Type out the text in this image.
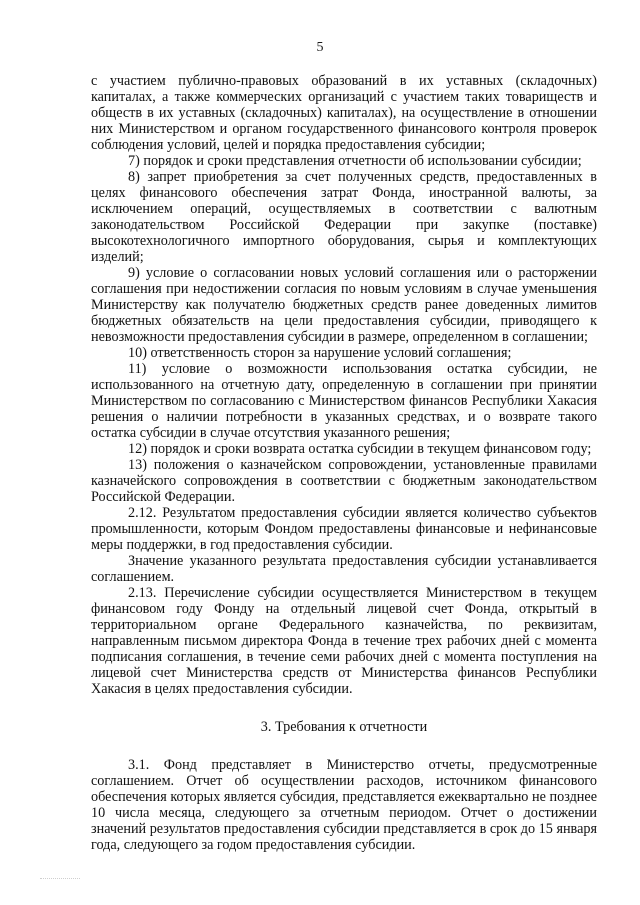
5

с участием публично-правовых образований в их уставных (складочных) капиталах, а также коммерческих организаций с участием таких товариществ и обществ в их уставных (складочных) капиталах), на осуществление в отношении них Министерством и органом государственного финансового контроля проверок соблюдения условий, целей и порядка предоставления субсидии;

7) порядок и сроки представления отчетности об использовании субсидии;

8) запрет приобретения за счет полученных средств, предоставленных в целях финансового обеспечения затрат Фонда, иностранной валюты, за исключением операций, осуществляемых в соответствии с валютным законодательством Российской Федерации при закупке (поставке) высокотехнологичного импортного оборудования, сырья и комплектующих изделий;

9) условие о согласовании новых условий соглашения или о расторжении соглашения при недостижении согласия по новым условиям в случае уменьшения Министерству как получателю бюджетных средств ранее доведенных лимитов бюджетных обязательств на цели предоставления субсидии, приводящего к невозможности предоставления субсидии в размере, определенном в соглашении;

10) ответственность сторон за нарушение условий соглашения;

11) условие о возможности использования остатка субсидии, не использованного на отчетную дату, определенную в соглашении при принятии Министерством по согласованию с Министерством финансов Республики Хакасия решения о наличии потребности в указанных средствах, и о возврате такого остатка субсидии в случае отсутствия указанного решения;

12) порядок и сроки возврата остатка субсидии в текущем финансовом году;

13) положения о казначейском сопровождении, установленные правилами казначейского сопровождения в соответствии с бюджетным законодательством Российской Федерации.

2.12. Результатом предоставления субсидии является количество субъектов промышленности, которым Фондом предоставлены финансовые и нефинансовые меры поддержки, в год предоставления субсидии.

Значение указанного результата предоставления субсидии устанавливается соглашением.

2.13. Перечисление субсидии осуществляется Министерством в текущем финансовом году Фонду на отдельный лицевой счет Фонда, открытый в территориальном органе Федерального казначейства, по реквизитам, направленным письмом директора Фонда в течение трех рабочих дней с момента подписания соглашения, в течение семи рабочих дней с момента поступления на лицевой счет Министерства средств от Министерства финансов Республики Хакасия в целях предоставления субсидии.

3. Требования к отчетности

3.1. Фонд представляет в Министерство отчеты, предусмотренные соглашением. Отчет об осуществлении расходов, источником финансового обеспечения которых является субсидия, представляется ежеквартально не позднее 10 числа месяца, следующего за отчетным периодом. Отчет о достижении значений результатов предоставления субсидии представляется в срок до 15 января года, следующего за годом предоставления субсидии.
